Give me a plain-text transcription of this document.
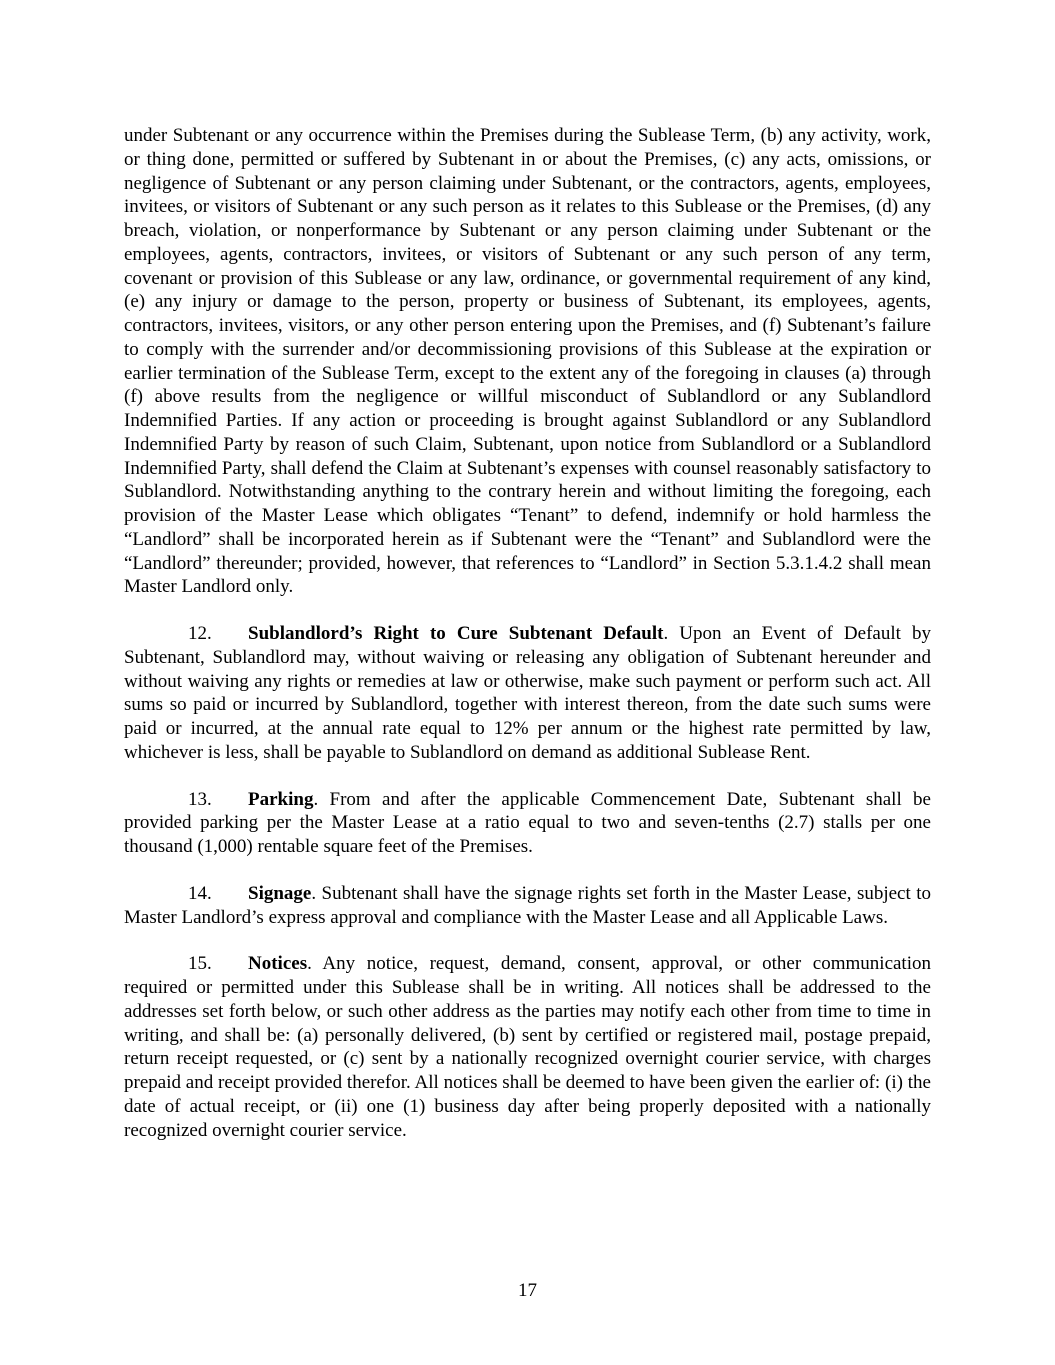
under Subtenant or any occurrence within the Premises during the Sublease Term, (b) any activity, work, or thing done, permitted or suffered by Subtenant in or about the Premises, (c) any acts, omissions, or negligence of Subtenant or any person claiming under Subtenant, or the contractors, agents, employees, invitees, or visitors of Subtenant or any such person as it relates to this Sublease or the Premises, (d) any breach, violation, or nonperformance by Subtenant or any person claiming under Subtenant or the employees, agents, contractors, invitees, or visitors of Subtenant or any such person of any term, covenant or provision of this Sublease or any law, ordinance, or governmental requirement of any kind, (e) any injury or damage to the person, property or business of Subtenant, its employees, agents, contractors, invitees, visitors, or any other person entering upon the Premises, and (f) Subtenant’s failure to comply with the surrender and/or decommissioning provisions of this Sublease at the expiration or earlier termination of the Sublease Term, except to the extent any of the foregoing in clauses (a) through (f) above results from the negligence or willful misconduct of Sublandlord or any Sublandlord Indemnified Parties. If any action or proceeding is brought against Sublandlord or any Sublandlord Indemnified Party by reason of such Claim, Subtenant, upon notice from Sublandlord or a Sublandlord Indemnified Party, shall defend the Claim at Subtenant’s expenses with counsel reasonably satisfactory to Sublandlord. Notwithstanding anything to the contrary herein and without limiting the foregoing, each provision of the Master Lease which obligates “Tenant” to defend, indemnify or hold harmless the “Landlord” shall be incorporated herein as if Subtenant were the “Tenant” and Sublandlord were the “Landlord” thereunder; provided, however, that references to “Landlord” in Section 5.3.1.4.2 shall mean Master Landlord only.

12. Sublandlord’s Right to Cure Subtenant Default. Upon an Event of Default by Subtenant, Sublandlord may, without waiving or releasing any obligation of Subtenant hereunder and without waiving any rights or remedies at law or otherwise, make such payment or perform such act. All sums so paid or incurred by Sublandlord, together with interest thereon, from the date such sums were paid or incurred, at the annual rate equal to 12% per annum or the highest rate permitted by law, whichever is less, shall be payable to Sublandlord on demand as additional Sublease Rent.

13. Parking. From and after the applicable Commencement Date, Subtenant shall be provided parking per the Master Lease at a ratio equal to two and seven-tenths (2.7) stalls per one thousand (1,000) rentable square feet of the Premises.

14. Signage. Subtenant shall have the signage rights set forth in the Master Lease, subject to Master Landlord’s express approval and compliance with the Master Lease and all Applicable Laws.

15. Notices. Any notice, request, demand, consent, approval, or other communication required or permitted under this Sublease shall be in writing. All notices shall be addressed to the addresses set forth below, or such other address as the parties may notify each other from time to time in writing, and shall be: (a) personally delivered, (b) sent by certified or registered mail, postage prepaid, return receipt requested, or (c) sent by a nationally recognized overnight courier service, with charges prepaid and receipt provided therefor. All notices shall be deemed to have been given the earlier of: (i) the date of actual receipt, or (ii) one (1) business day after being properly deposited with a nationally recognized overnight courier service.

17
